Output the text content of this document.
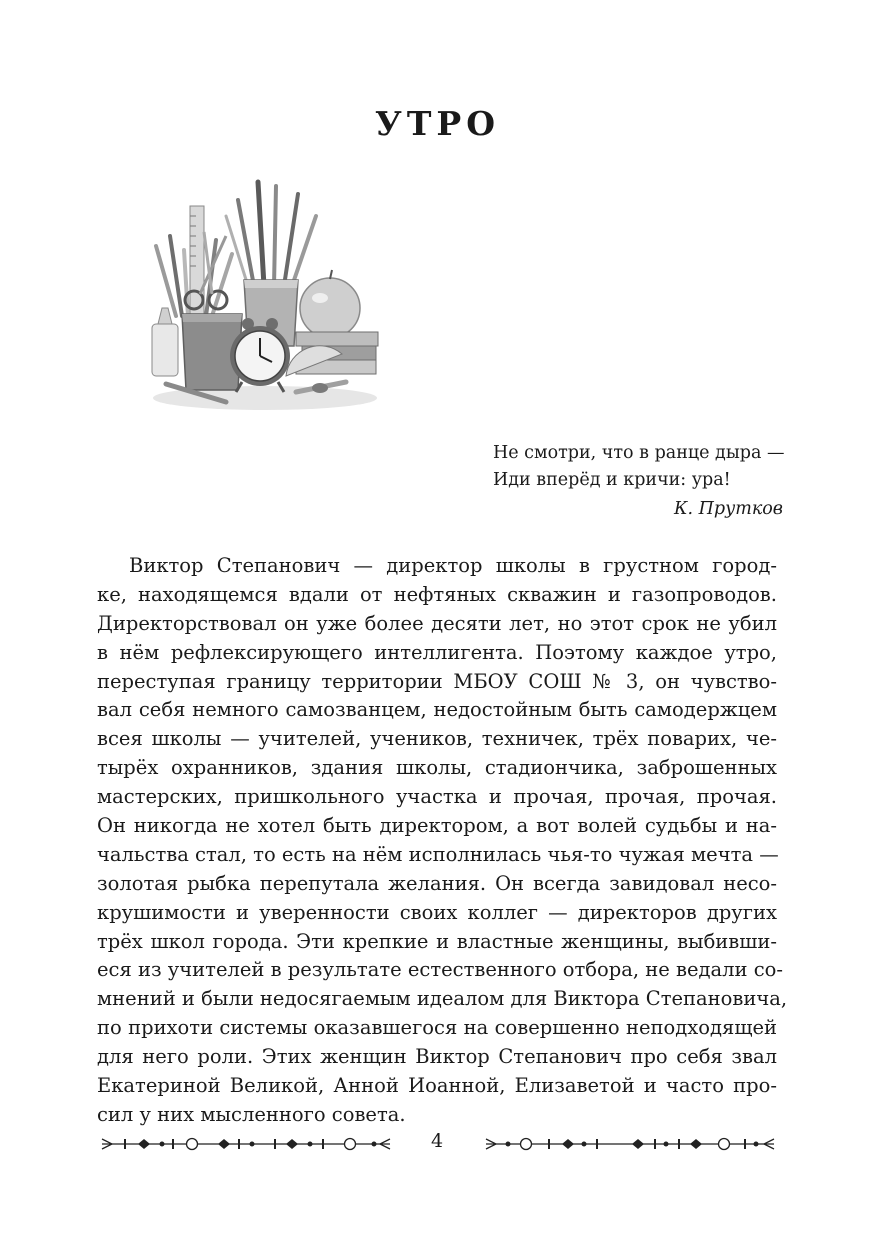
УТРО
Не смотри, что в ранце дыра —
Иди вперёд и кричи: ура!
К. Прутков
Виктор Степанович — директор школы в грустном город-
ке, находящемся вдали от нефтяных скважин и газопроводов.
Директорствовал он уже более десяти лет, но этот срок не убил
в нём рефлексирующего интеллигента. Поэтому каждое утро,
переступая границу территории МБОУ СОШ № 3, он чувство-
вал себя немного самозванцем, недостойным быть самодержцем
всея школы — учителей, учеников, техничек, трёх поварих, че-
тырёх охранников, здания школы, стадиончика, заброшенных
мастерских, пришкольного участка и прочая, прочая, прочая.
Он никогда не хотел быть директором, а вот волей судьбы и на-
чальства стал, то есть на нём исполнилась чья-то чужая мечта —
золотая рыбка перепутала желания. Он всегда завидовал несо-
крушимости и уверенности своих коллег — директоров других
трёх школ города. Эти крепкие и властные женщины, выбивши-
еся из учителей в результате естественного отбора, не ведали со-
мнений и были недосягаемым идеалом для Виктора Степановича,
по прихоти системы оказавшегося на совершенно неподходящей
для него роли. Этих женщин Виктор Степанович про себя звал
Екатериной Великой, Анной Иоанной, Елизаветой и часто про-
сил у них мысленного совета.
4
